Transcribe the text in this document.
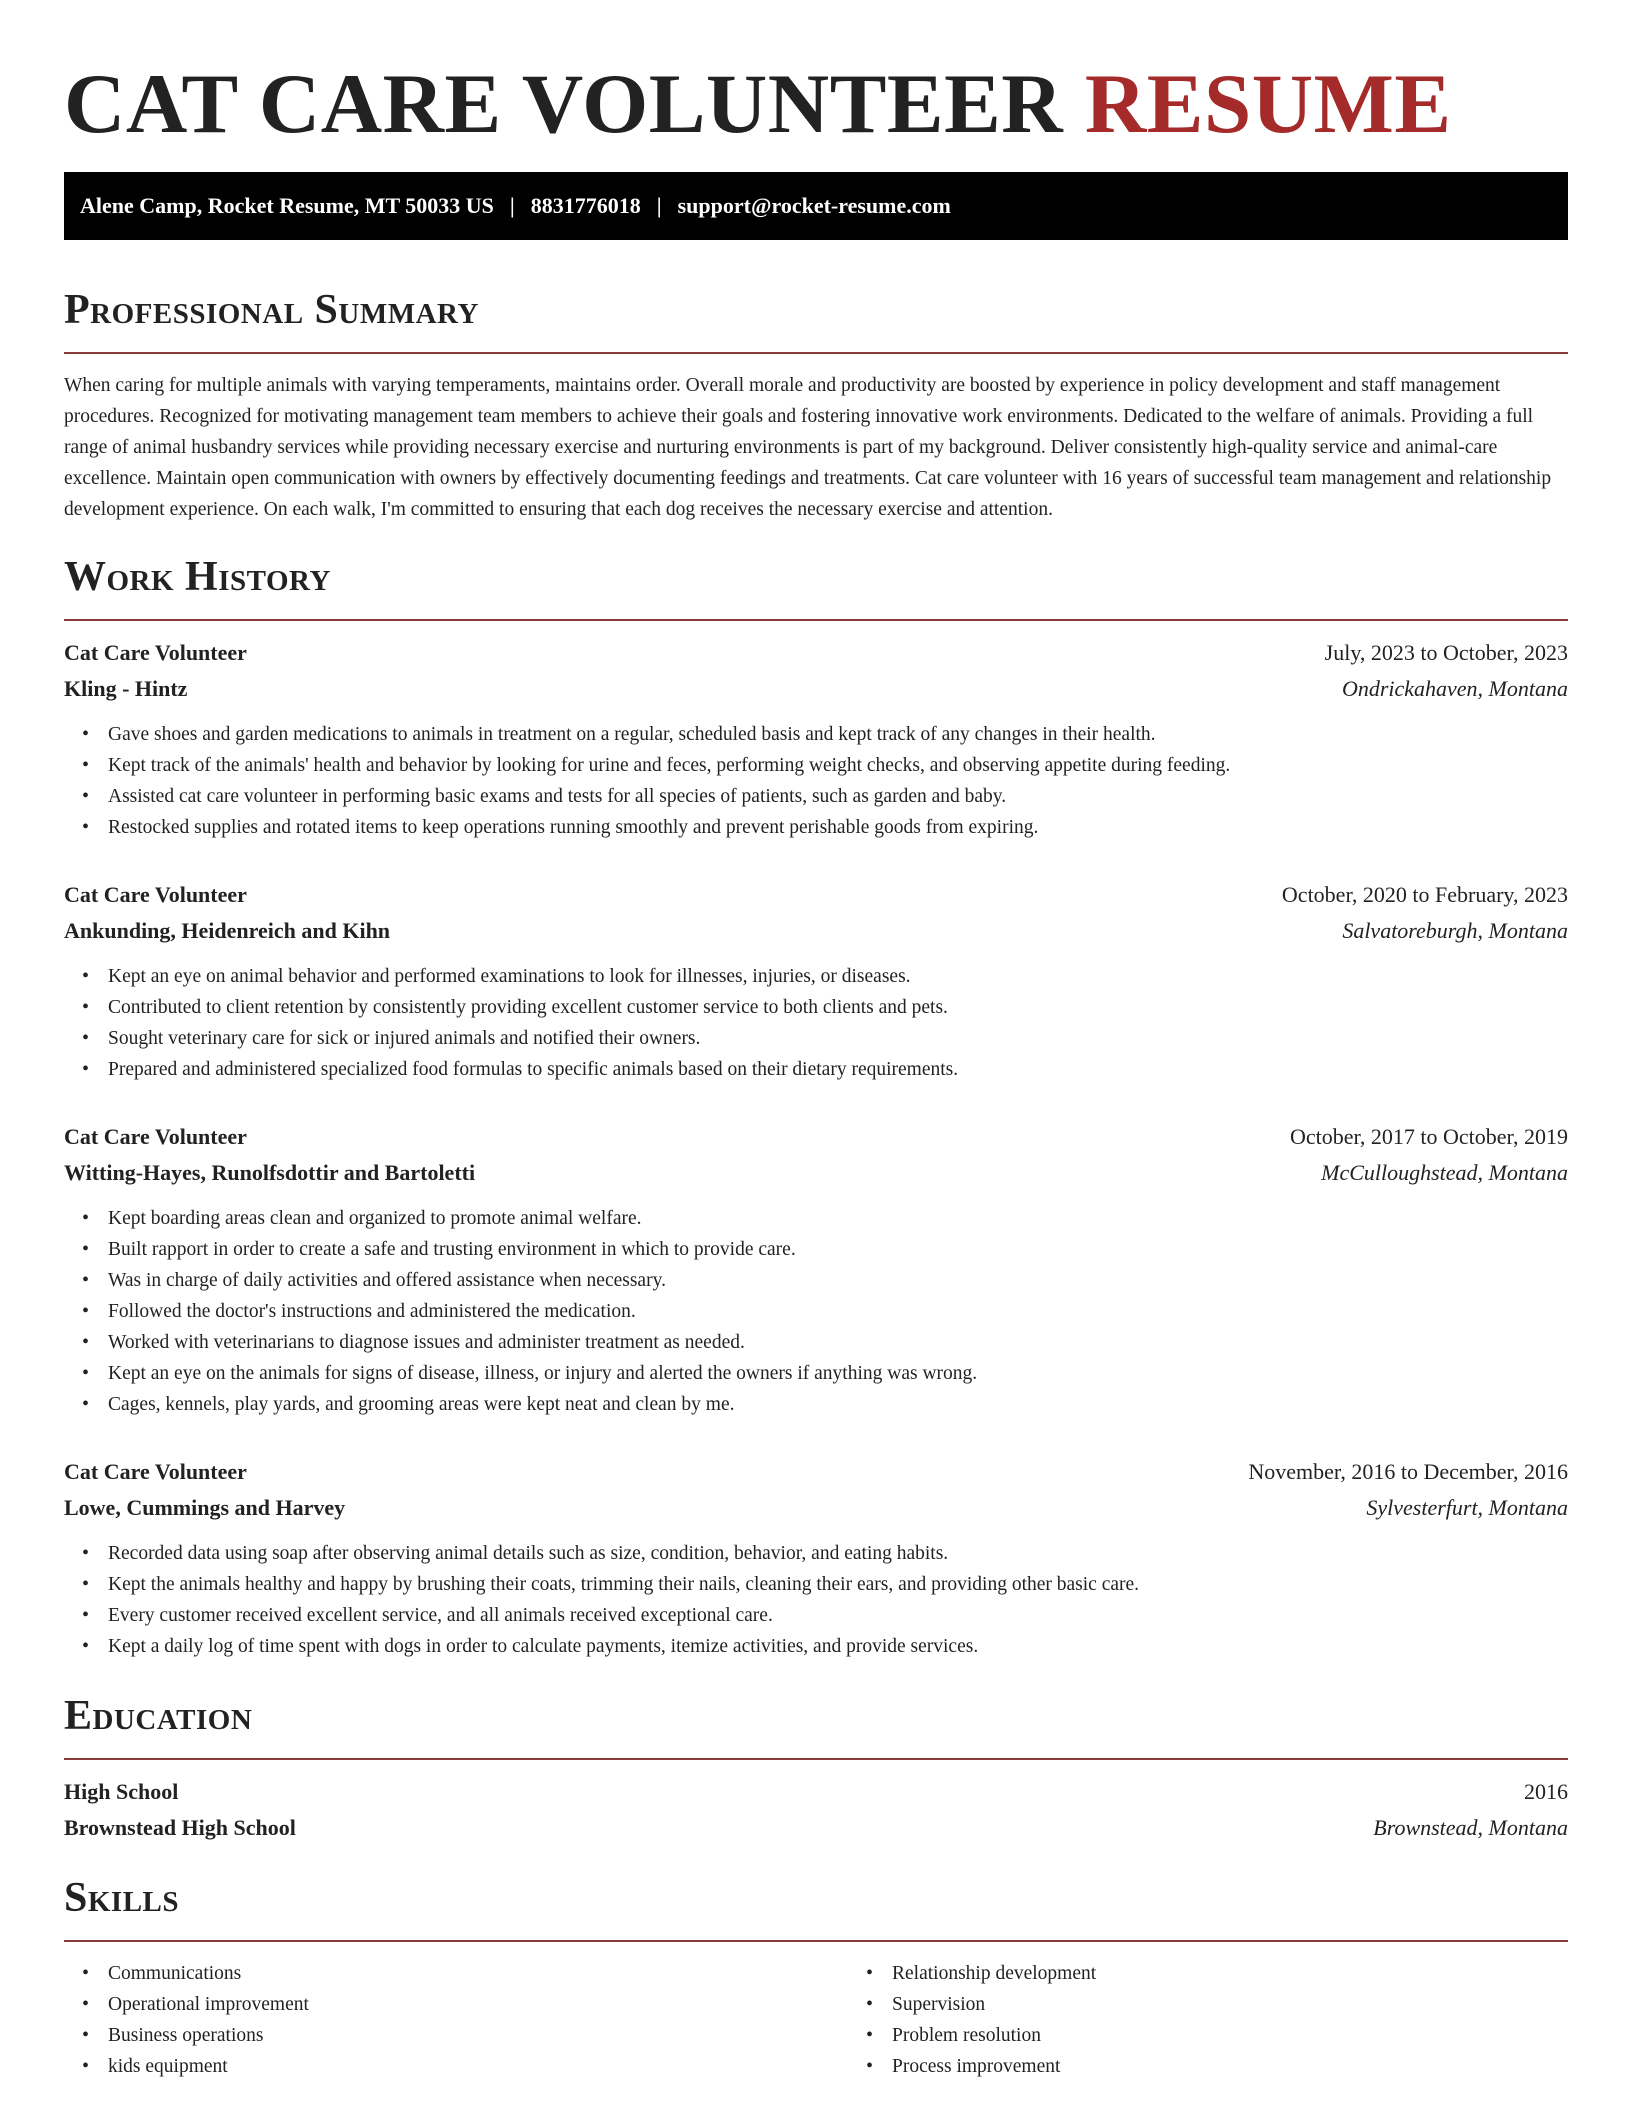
CAT CARE VOLUNTEER RESUME
Alene Camp, Rocket Resume, MT 50033 US | 8831776018 | support@rocket-resume.com
Professional Summary

When caring for multiple animals with varying temperaments, maintains order. Overall morale and productivity are boosted by experience in policy development and staff management procedures. Recognized for motivating management team members to achieve their goals and fostering innovative work environments. Dedicated to the welfare of animals. Providing a full range of animal husbandry services while providing necessary exercise and nurturing environments is part of my background. Deliver consistently high-quality service and animal-care excellence. Maintain open communication with owners by effectively documenting feedings and treatments. Cat care volunteer with 16 years of successful team management and relationship development experience. On each walk, I'm committed to ensuring that each dog receives the necessary exercise and attention.

Work History
Cat Care Volunteer	July, 2023 to October, 2023
Kling - Hintz	Ondrickahaven, Montana
• Gave shoes and garden medications to animals in treatment on a regular, scheduled basis and kept track of any changes in their health.
• Kept track of the animals' health and behavior by looking for urine and feces, performing weight checks, and observing appetite during feeding.
• Assisted cat care volunteer in performing basic exams and tests for all species of patients, such as garden and baby.
• Restocked supplies and rotated items to keep operations running smoothly and prevent perishable goods from expiring.
Cat Care Volunteer	October, 2020 to February, 2023
Ankunding, Heidenreich and Kihn	Salvatoreburgh, Montana
• Kept an eye on animal behavior and performed examinations to look for illnesses, injuries, or diseases.
• Contributed to client retention by consistently providing excellent customer service to both clients and pets.
• Sought veterinary care for sick or injured animals and notified their owners.
• Prepared and administered specialized food formulas to specific animals based on their dietary requirements.
Cat Care Volunteer	October, 2017 to October, 2019
Witting-Hayes, Runolfsdottir and Bartoletti	McCulloughstead, Montana
• Kept boarding areas clean and organized to promote animal welfare.
• Built rapport in order to create a safe and trusting environment in which to provide care.
• Was in charge of daily activities and offered assistance when necessary.
• Followed the doctor's instructions and administered the medication.
• Worked with veterinarians to diagnose issues and administer treatment as needed.
• Kept an eye on the animals for signs of disease, illness, or injury and alerted the owners if anything was wrong.
• Cages, kennels, play yards, and grooming areas were kept neat and clean by me.
Cat Care Volunteer	November, 2016 to December, 2016
Lowe, Cummings and Harvey	Sylvesterfurt, Montana
• Recorded data using soap after observing animal details such as size, condition, behavior, and eating habits.
• Kept the animals healthy and happy by brushing their coats, trimming their nails, cleaning their ears, and providing other basic care.
• Every customer received excellent service, and all animals received exceptional care.
• Kept a daily log of time spent with dogs in order to calculate payments, itemize activities, and provide services.
Education
High School	2016
Brownstead High School	Brownstead, Montana
Skills
• Communications
• Operational improvement
• Business operations
• kids equipment
• Relationship development
• Supervision
• Problem resolution
• Process improvement
